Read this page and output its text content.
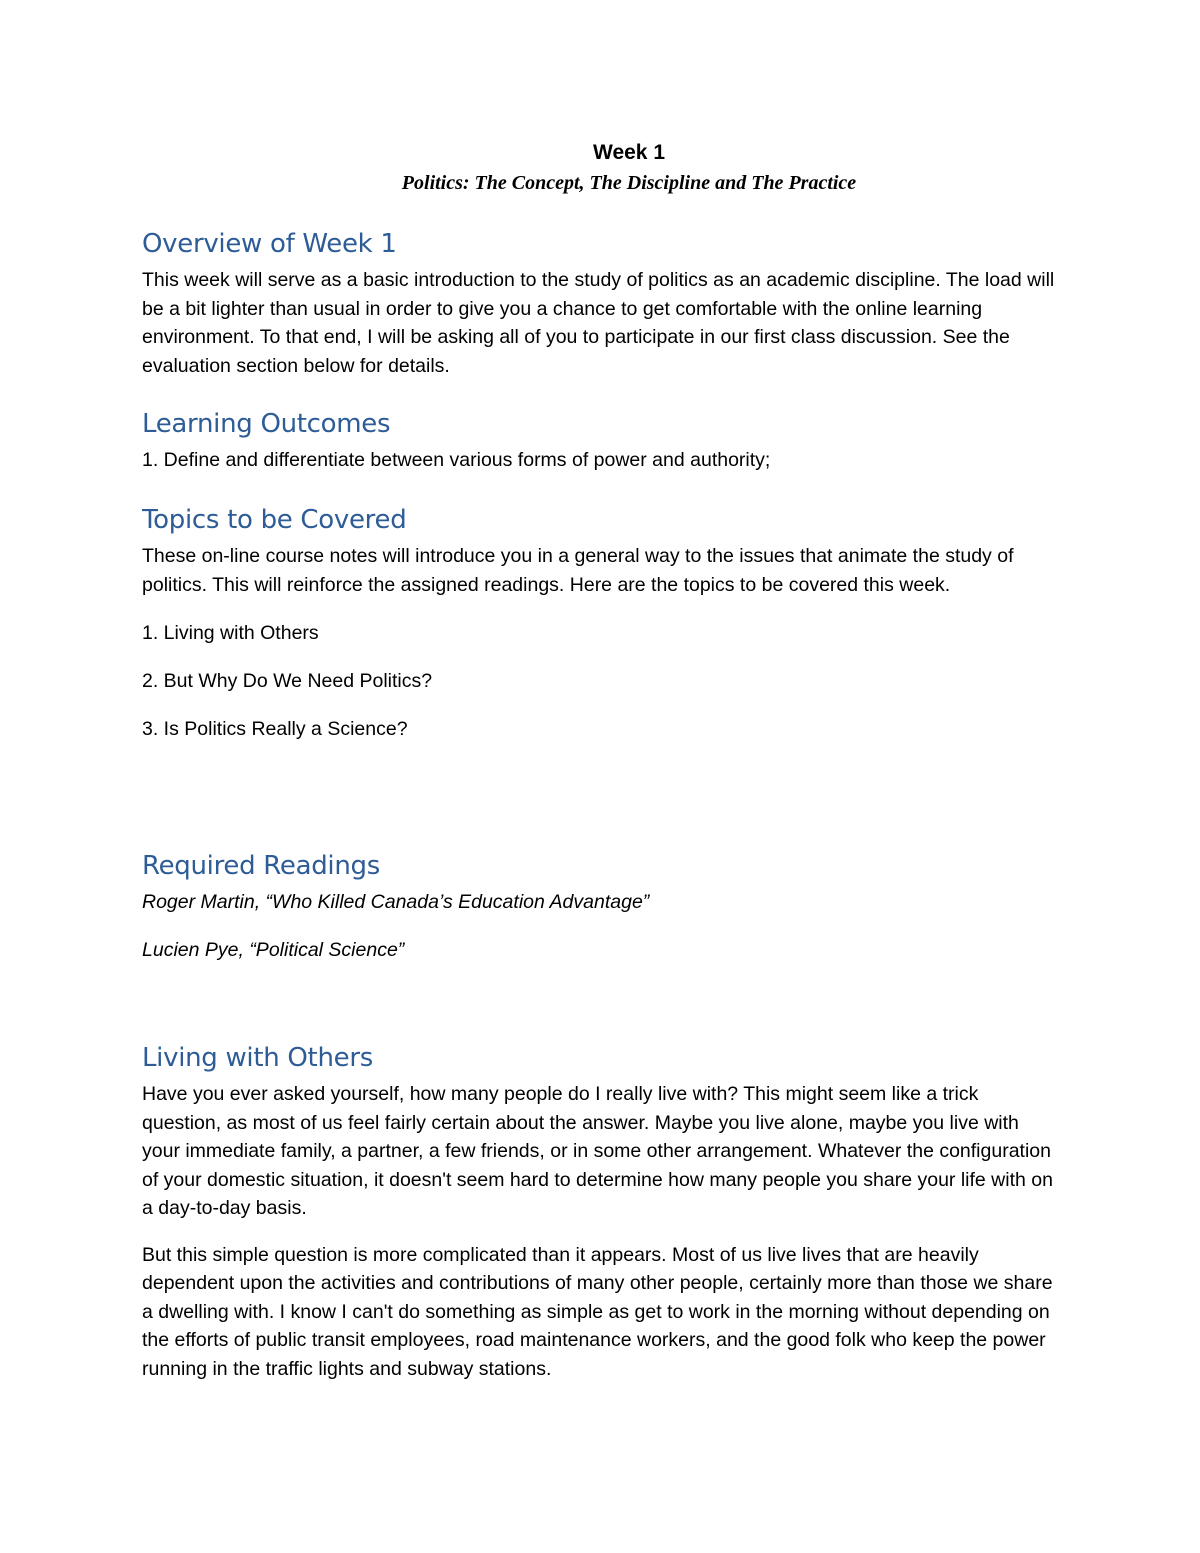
Week 1
Politics: The Concept, The Discipline and The Practice
Overview of Week 1

This week will serve as a basic introduction to the study of politics as an academic discipline. The load will be a bit lighter than usual in order to give you a chance to get comfortable with the online learning environment. To that end, I will be asking all of you to participate in our first class discussion. See the evaluation section below for details.

Learning Outcomes

1. Define and differentiate between various forms of power and authority;

Topics to be Covered

These on-line course notes will introduce you in a general way to the issues that animate the study of politics. This will reinforce the assigned readings. Here are the topics to be covered this week.

1. Living with Others

2. But Why Do We Need Politics?

3. Is Politics Really a Science?

Required Readings

Roger Martin, “Who Killed Canada’s Education Advantage”

Lucien Pye, “Political Science”

Living with Others

Have you ever asked yourself, how many people do I really live with? This might seem like a trick question, as most of us feel fairly certain about the answer. Maybe you live alone, maybe you live with your immediate family, a partner, a few friends, or in some other arrangement. Whatever the configuration of your domestic situation, it doesn't seem hard to determine how many people you share your life with on a day-to-day basis.

But this simple question is more complicated than it appears. Most of us live lives that are heavily dependent upon the activities and contributions of many other people, certainly more than those we share a dwelling with. I know I can't do something as simple as get to work in the morning without depending on the efforts of public transit employees, road maintenance workers, and the good folk who keep the power running in the traffic lights and subway stations.
